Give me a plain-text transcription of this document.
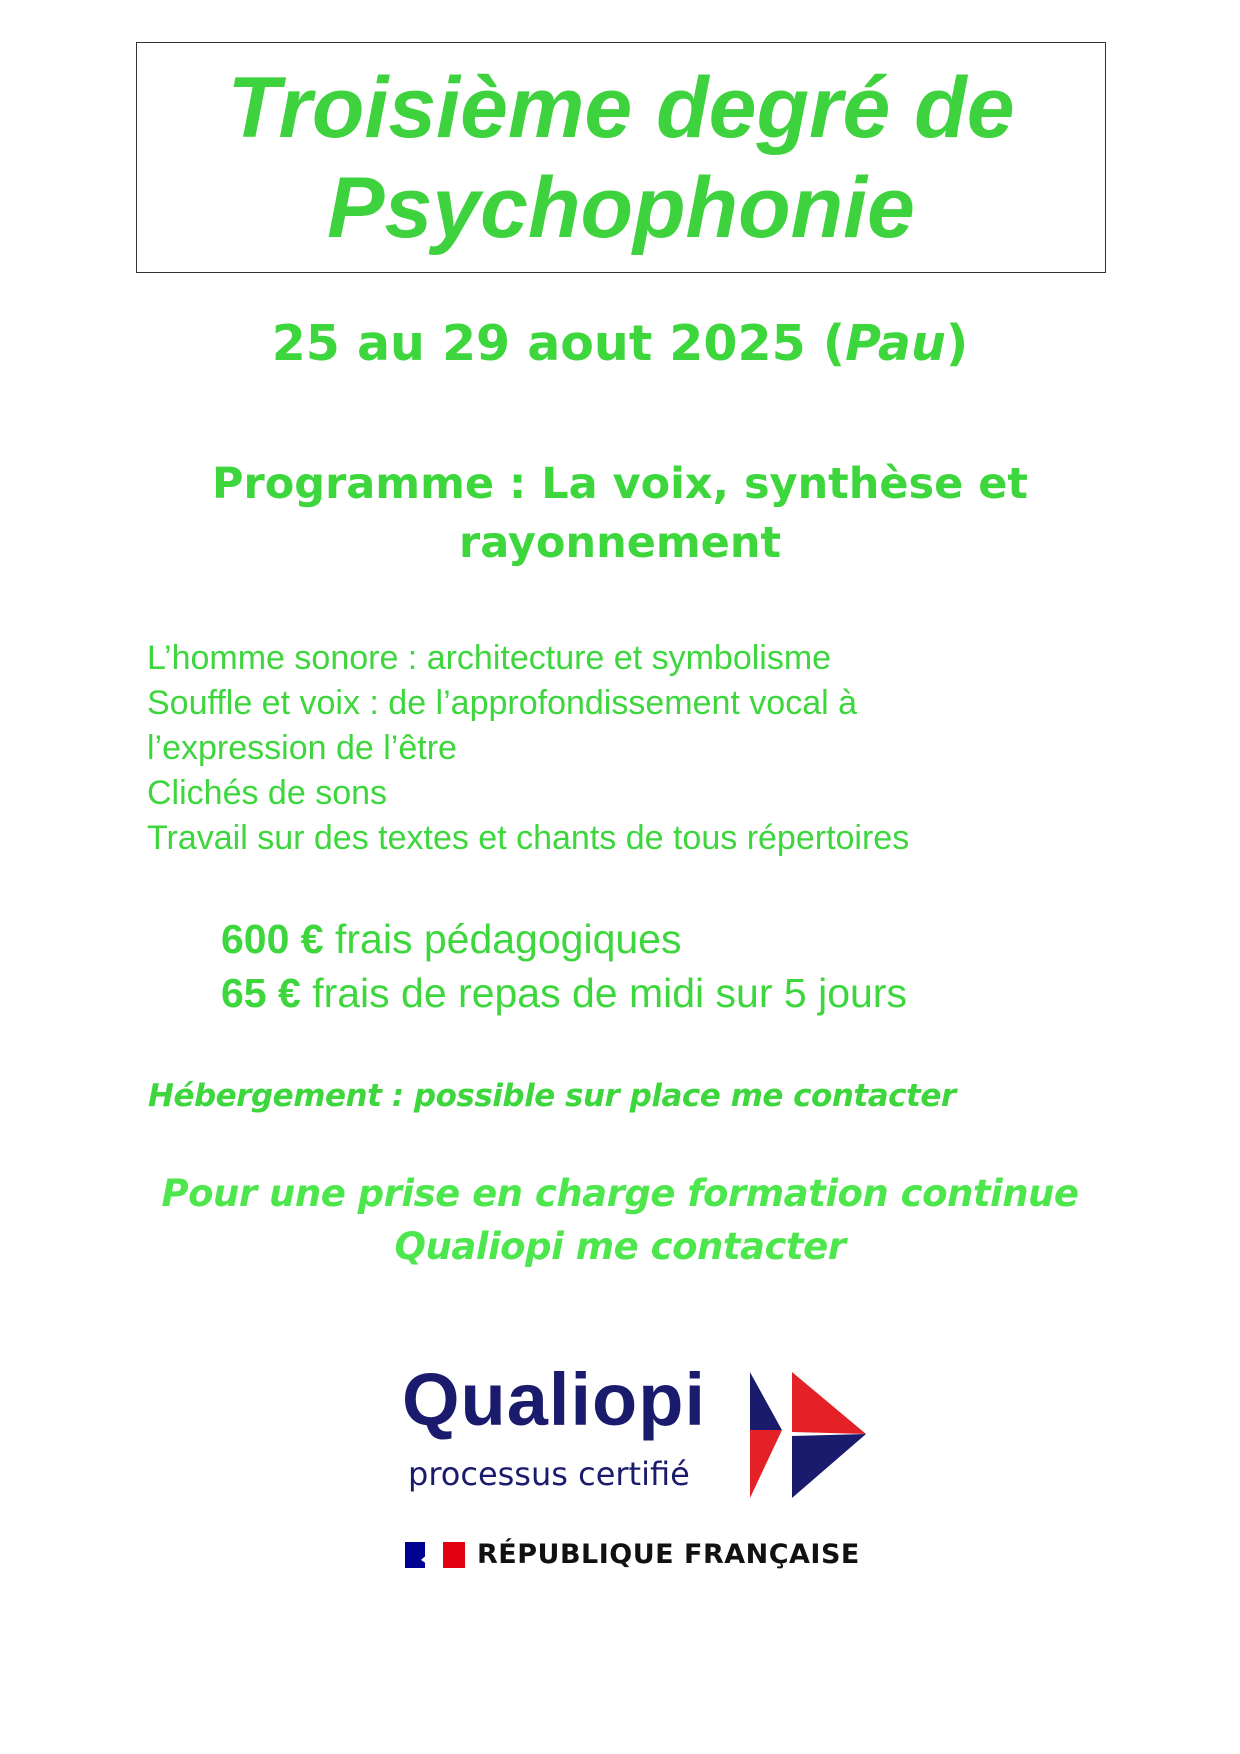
Troisième degré de
Psychophonie
25 au 29 aout 2025 (Pau)
Programme : La voix, synthèse et
rayonnement
L’homme sonore : architecture et symbolisme
Souffle et voix : de l’approfondissement vocal à
l’expression de l’être
Clichés de sons
Travail sur des textes et chants de tous répertoires
600 € frais pédagogiques
65 € frais de repas de midi sur 5 jours
Hébergement : possible sur place me contacter
Pour une prise en charge formation continue
Qualiopi me contacter
Qualiopi
processus certifié
RÉPUBLIQUE FRANÇAISE
